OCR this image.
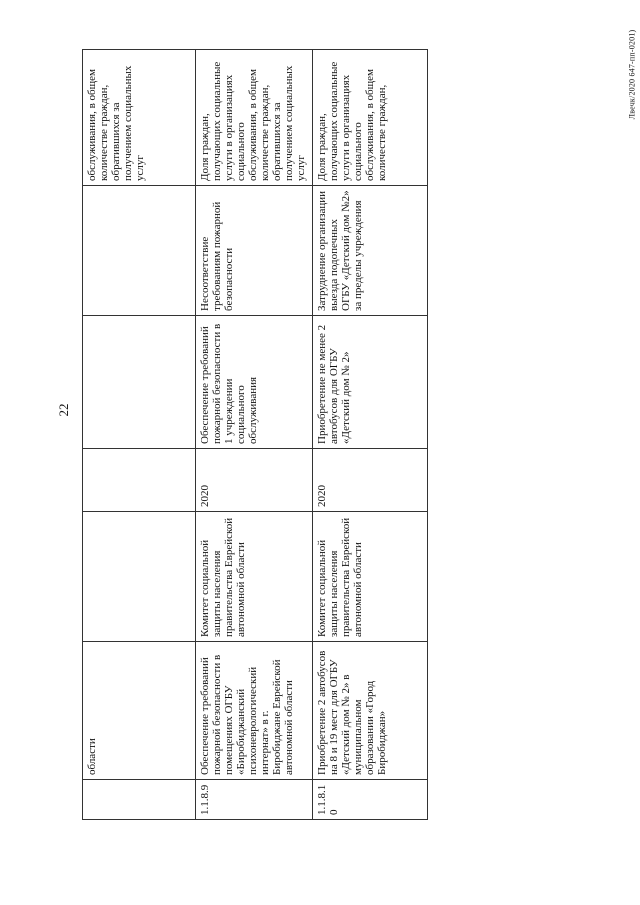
22
Лвечк/2020 647-пп-0201)
	области					обслуживания, в общем количестве граждан, обратившихся за получением социальных услуг
1.1.8.9	Обеспечение требований пожарной безопасности в помещениях ОГБУ «Биробиджанский психоневрологический интернат» в г. Биробиджане Еврейской автономной области	Комитет социальной защиты населения правительства Еврейской автономной области	2020	Обеспечение требований пожарной безопасности в 1 учреждении социального обслуживания	Несоответствие требованиям пожарной безопасности	Доля граждан, получающих социальные услуги в организациях социального обслуживания, в общем количестве граждан, обратившихся за получением социальных услуг
1.1.8.1 0	Приобретение 2 автобусов на 8 и 19 мест для ОГБУ «Детский дом № 2» в муниципальном образовании «Город Биробиджан»	Комитет социальной защиты населения правительства Еврейской автономной области	2020	Приобретение не менее 2 автобусов для ОГБУ «Детский дом № 2»	Затруднение организации выезда подопечных ОГБУ «Детский дом №2» за пределы учреждения	Доля граждан, получающих социальные услуги в организациях социального обслуживания, в общем количестве граждан,
